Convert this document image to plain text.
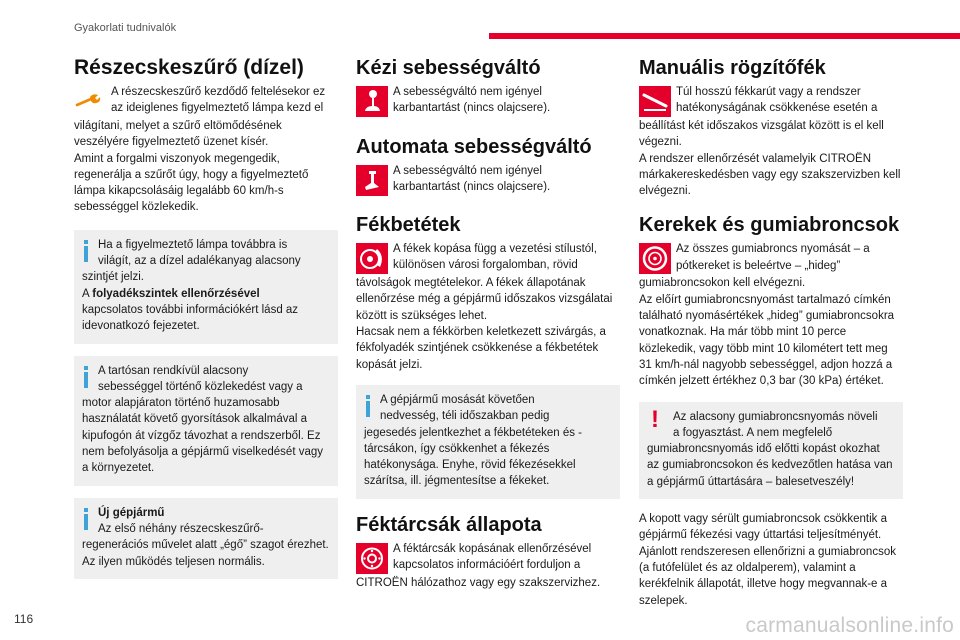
Gyakorlati tudnivalók
Részecskeszűrő (dízel)

A részecskeszűrő kezdődő feltelésekor ez
az ideiglenes figyelmeztető lámpa kezd el

világítani, melyet a szűrő eltömődésének veszélyére figyelmeztető üzenet kísér.

Amint a forgalmi viszonyok megengedik, regenerálja a szűrőt úgy, hogy a figyelmeztető lámpa kikapcsolásáig legalább 60 km/h-s sebességgel közlekedik.

Ha a figyelmeztető lámpa továbbra is
világít, az a dízel adalékanyag alacsony

szintjét jelzi.

A folyadékszintek ellenőrzésével

kapcsolatos további információkért lásd az idevonatkozó fejezetet.

A tartósan rendkívül alacsony
sebességgel történő közlekedést vagy a

motor alapjáraton történő huzamosabb használatát követő gyorsítások alkalmával a kipufogón át vízgőz távozhat a rendszerből. Ez nem befolyásolja a gépjármű viselkedését vagy a környezetet.

Új gépjármű
Az első néhány részecskeszűrő-

regenerációs művelet alatt „égő” szagot érezhet. Az ilyen működés teljesen normális.

Kézi sebességváltó

A sebességváltó nem igényel
karbantartást (nincs olajcsere).

Automata sebességváltó

A sebességváltó nem igényel
karbantartást (nincs olajcsere).

Fékbetétek

A fékek kopása függ a vezetési stílustól,
különösen városi forgalomban, rövid

távolságok megtételekor. A fékek állapotának ellenőrzése még a gépjármű időszakos vizsgálatai között is szükséges lehet.

Hacsak nem a fékkörben keletkezett szivárgás, a fékfolyadék szintjének csökkenése a fékbetétek kopását jelzi.

A gépjármű mosását követően
nedvesség, téli időszakban pedig

jegesedés jelentkezhet a fékbetéteken és -tárcsákon, így csökkenhet a fékezés hatékonysága. Enyhe, rövid fékezésekkel szárítsa, ill. jégmentesítse a fékeket.

Féktárcsák állapota

A féktárcsák kopásának ellenőrzésével
kapcsolatos információért forduljon a

CITROËN hálózathoz vagy egy szakszervizhez.

Manuális rögzítőfék

Túl hosszú fékkarút vagy a rendszer
hatékonyságának csökkenése esetén a

beállítást két időszakos vizsgálat között is el kell végezni.

A rendszer ellenőrzését valamelyik CITROËN márkakereskedésben vagy egy szakszervizben kell elvégezni.

Kerekek és gumiabroncsok

Az összes gumiabroncs nyomását – a
pótkereket is beleértve – „hideg”

gumiabroncsokon kell elvégezni.

Az előírt gumiabroncsnyomást tartalmazó címkén található nyomásértékek „hideg” gumiabroncsokra vonatkoznak. Ha már több mint 10 perce közlekedik, vagy több mint 10 kilométert tett meg 31 km/h-nál nagyobb sebességgel, adjon hozzá a címkén jelzett értékhez 0,3 bar (30 kPa) értéket.

!	Az alacsony gumiabroncsnyomás növeli
a fogyasztást. A nem megfelelő

gumiabroncsnyomás idő előtti kopást okozhat az gumiabroncsokon és kedvezőtlen hatása van a gépjármű úttartására – balesetveszély!

A kopott vagy sérült gumiabroncsok csökkentik a gépjármű fékezési vagy úttartási teljesítményét. Ajánlott rendszeresen ellenőrizni a gumiabroncsok (a futófelület és az oldalperem), valamint a kerékfelnik állapotát, illetve hogy megvannak-e a szelepek.

116	carmanualsonline.info
